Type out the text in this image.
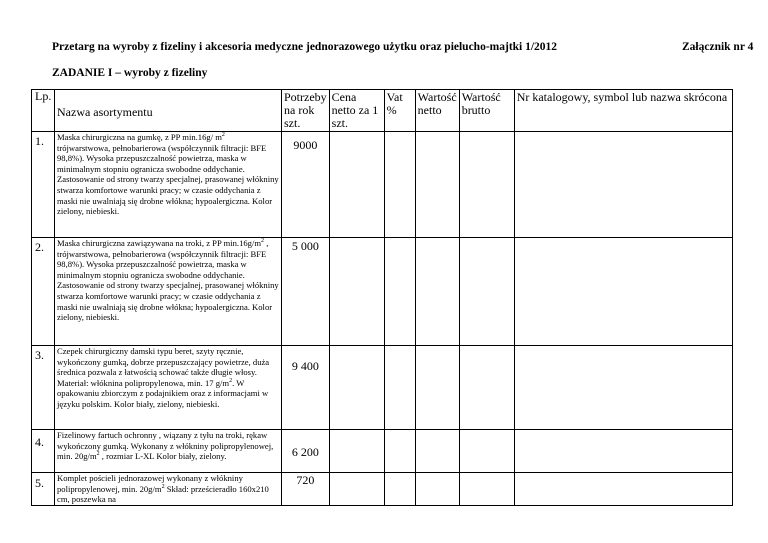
Przetarg na wyroby z fizeliny i akcesoria medyczne jednorazowego użytku oraz pielucho-majtki 1/2012	Załącznik nr 4
ZADANIE I – wyroby z fizeliny
Lp.	Nazwa asortymentu	Potrzeby na rok szt.	Cena netto za 1 szt.	Vat %	Wartość netto	Wartość brutto	Nr katalogowy, symbol lub nazwa skrócona
1.	Maska chirurgiczna na gumkę, z PP min.16g/ $m^2$ trójwarstwowa, pełnobarierowa (współczynnik filtracji: BFE 98,8%). Wysoka przepuszczalność powietrza, maska w minimalnym stopniu ogranicza swobodne oddychanie. Zastosowanie od strony twarzy specjalnej, prasowanej włókniny stwarza komfortowe warunki pracy; w czasie oddychania z maski nie uwalniają się drobne włókna; hypoalergiczna. Kolor zielony, niebieski.	9000					
2.	Maska chirurgiczna zawiązywana na troki, z PP $\min.16g/m^2$ , trójwarstwowa, pełnobarierowa (współczynnik filtracji: BFE 98,8%). Wysoka przepuszczalność powietrza, maska w minimalnym stopniu ogranicza swobodne oddychanie. Zastosowanie od strony twarzy specjalnej, prasowanej włókniny stwarza komfortowe warunki pracy; w czasie oddychania z maski nie uwalniają się drobne włókna; hypoalergiczna. Kolor zielony, niebieski.	5 000					
3.	Czepek chirurgiczny damski typu beret, szyty ręcznie, wykończony gumką, dobrze przepuszczający powietrze, duża średnica pozwala z łatwością schować także długie włosy. Materiał: włóknina polipropylenowa, min. 17 $g/m^2$. W opakowaniu zbiorczym z podajnikiem oraz z informacjami w języku polskim. Kolor biały, zielony, niebieski.	9 400					
4.	Fizelinowy fartuch ochronny , wiązany z tyłu na troki, rękaw wykończony gumką. Wykonany z włókniny polipropylenowej, min. $20g/m^2$ , rozmiar L-XL Kolor biały, zielony.	6 200					
5.	Komplet pościeli jednorazowej wykonany z włókniny polipropylenowej, min. $20g/m^2$ Skład: prześcieradło 160x210 cm, poszewka na	720					
